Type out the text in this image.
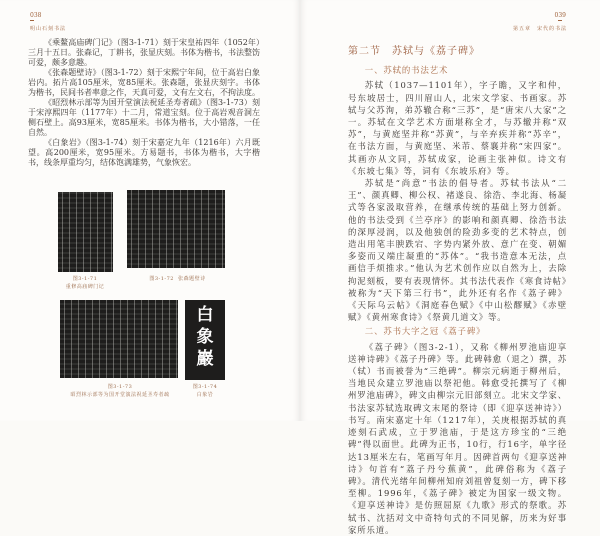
038
明山石刻书法

《乘鳌高庙碑门记》（图3-1-71）刻于宋皇祐四年（1052年）三月十五日。张森记，丁耕书，张显庆刻。书体为楷书，书法整饬可爱，颇多意趣。

《张森题壁诗》（图3-1-72）刻于宋熙宁年间，位于高岩白象岩内。拓片高105厘米，宽85厘米。张森题，张显庆刻字。书体为楷书，民间书者率意之作，天真可爱，文有左文右，不拘法度。

《昭烈林示部等为国开堂演法祝延圣寿者疏》（图3-1-73）刻于宋淳熙四年（1177年）十二月，常道宝刻。位于高岩观音洞左侧石壁上。高93厘米，宽85厘米。书体为楷书，大小错落，一任自然。

《白象岩》（图3-1-74）刻于宋嘉定九年（1216年）六月既望。高200厘米，宽95厘米。方易题书，书体为楷书，大字楷书，线条厚重均匀，结体饱满雄势，气象恢宏。

图3-1-71
重修高庙碑门记
图3-1-72 张森题壁诗
白象巖
图3-1-73
昭烈林示部等为国开堂演法祝延圣寿者疏
图3-1-74
白象岩
039
第五章　宋代的书法
第二节　苏轼与《荔子碑》
一、苏轼的书法艺术

苏轼（1037—1101年），字子瞻，又字和仲，号东坡居士，四川眉山人，北宋文学家、书画家。苏轼与父苏洵，弟苏辙合称“三苏”，是“唐宋八大家”之一。苏轼在文学艺术方面堪称全才，与苏辙并称“双苏”，与黄庭坚并称“苏黄”，与辛弃疾并称“苏辛”，在书法方面，与黄庭坚、米芾、蔡襄并称“宋四家”。其画亦从文同，苏轼成家，论画主张神似。诗文有《东坡七集》等，词有《东坡乐府》等。

苏轼是“尚意”书法的倡导者。苏轼书法从“二王”、颜真卿、柳公权、褚遂良、徐浩、李北海、杨凝式等各家汲取营养，在继承传统的基础上努力创新。他的书法受到《兰亭序》的影响和颜真卿、徐浩书法的深厚浸润，以及他独创的险劲多变的艺术特点，创造出用笔丰腴跌宕、字势内紧外放、意广在变、朝媚多姿而又端庄凝重的“苏体”。“我书造意本无法，点画信手烦推求。”他认为艺术创作应以自然为上，去除拘泥刻板，要有表现情怀。其书法代表作《寒食诗帖》被称为“天下第三行书”，此外还有名作《荔子碑》《天际乌云帖》《洞庭春色赋》《中山松醪赋》《赤壁赋》《黄州寒食诗》《祭黄几道文》等。

二、苏书大字之冠《荔子碑》

《荔子碑》（图3-2-1），又称《柳州罗池庙迎享送神诗碑》《荔子丹碑》等。此碑韩愈（退之）撰，苏（轼）书而被誉为“三绝碑”。柳宗元病逝于柳州后，当地民众建立罗池庙以祭祀他。韩愈受托撰写了《柳州罗池庙碑》，碑文由柳宗元旧部刻立。北宋文学家、书法家苏轼选取碑文末尾的祭诗（即《迎享送神诗》）书写。南宋嘉定十年（1217年），关庚根据苏轼的真迹刻石武成，立于罗池庙，于是这方珍宝的“三绝碑”得以面世。此碑为正书，10行，行16字，单字径达13厘米左右，笔画写年月。因碑首两句《迎享送神诗》句首有“荔子丹兮蕉黄”，此碑俗称为《荔子碑》。清代光绪年间柳州知府刘祖曾复刻一方，碑下移至柳。1996年，《荔子碑》被定为国家一级文物。《迎享送神诗》是仿照屈原《九歌》形式的祭歌。苏轼书、沈括对文中奇特句式的不同见解，历来为好事家所乐道。
